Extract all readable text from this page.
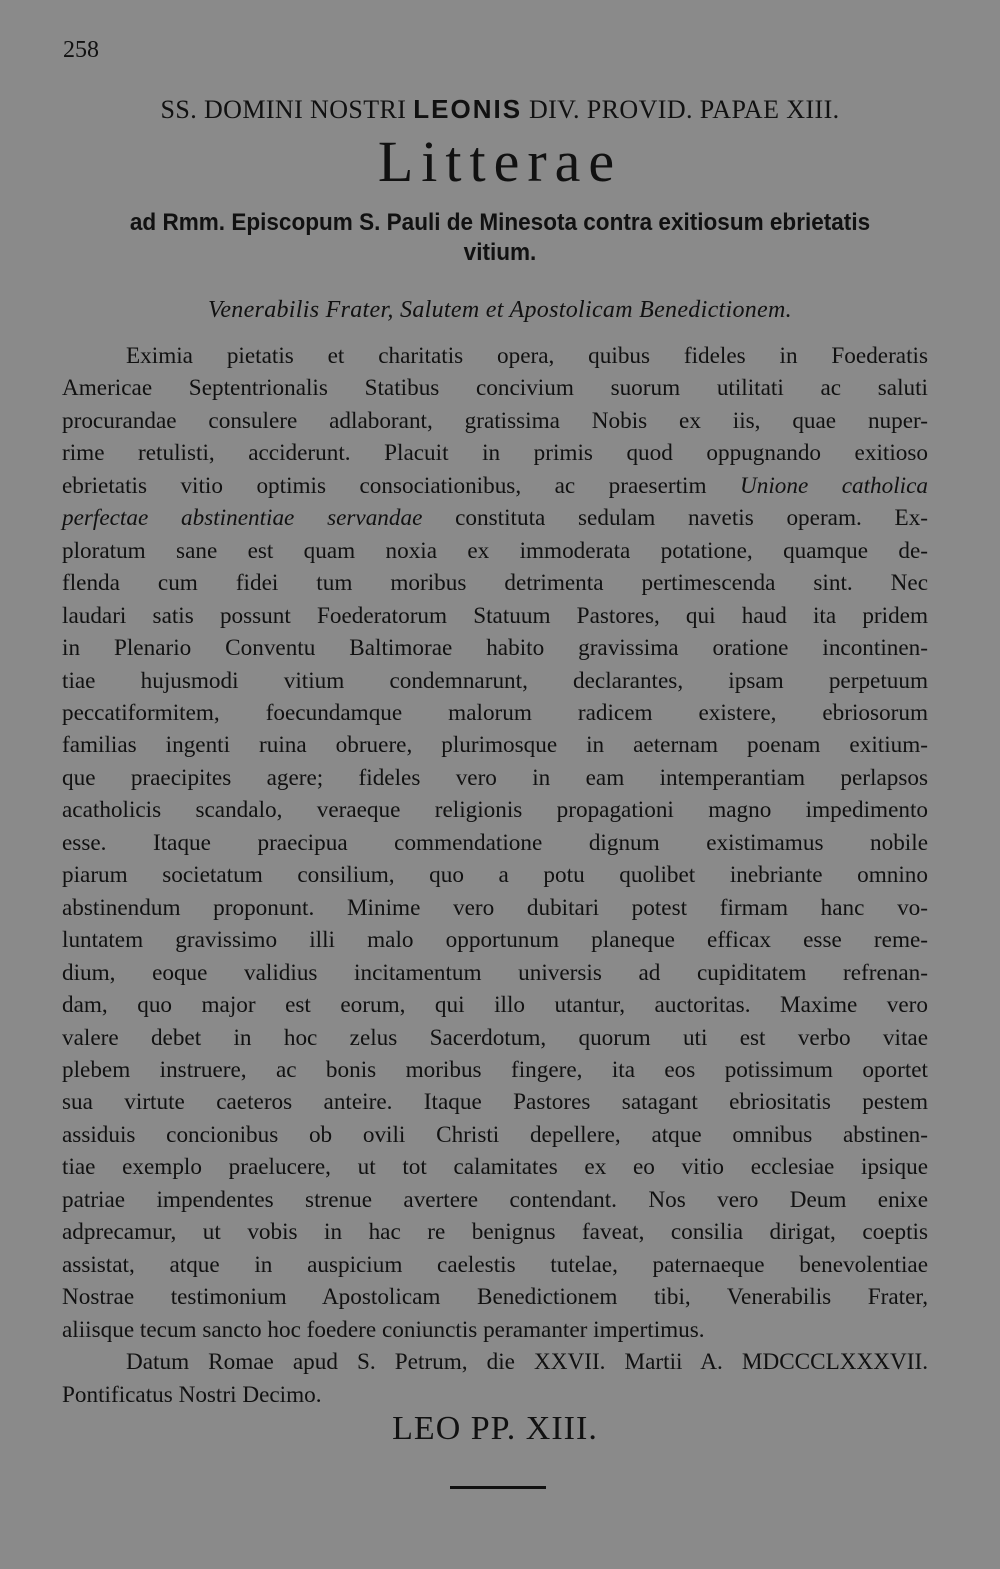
258
SS. DOMINI NOSTRI LEONIS DIV. PROVID. PAPAE XIII.
Litterae
ad Rmm. Episcopum S. Pauli de Minesota contra exitiosum ebrietatis
vitium.
Venerabilis Frater, Salutem et Apostolicam Benedictionem.
Eximia pietatis et charitatis opera, quibus fideles in Foederatis
Americae Septentrionalis Statibus concivium suorum utilitati ac saluti
procurandae consulere adlaborant, gratissima Nobis ex iis, quae nuper-
rime retulisti, acciderunt. Placuit in primis quod oppugnando exitioso
ebrietatis vitio optimis consociationibus, ac praesertim Unione catholica
perfectae abstinentiae servandae constituta sedulam navetis operam. Ex-
ploratum sane est quam noxia ex immoderata potatione, quamque de-
flenda cum fidei tum moribus detrimenta pertimescenda sint. Nec
laudari satis possunt Foederatorum Statuum Pastores, qui haud ita pridem
in Plenario Conventu Baltimorae habito gravissima oratione incontinen-
tiae hujusmodi vitium condemnarunt, declarantes, ipsam perpetuum
peccatiformitem, foecundamque malorum radicem existere, ebriosorum
familias ingenti ruina obruere, plurimosque in aeternam poenam exitium-
que praecipites agere; fideles vero in eam intemperantiam perlapsos
acatholicis scandalo, veraeque religionis propagationi magno impedimento
esse. Itaque praecipua commendatione dignum existimamus nobile
piarum societatum consilium, quo a potu quolibet inebriante omnino
abstinendum proponunt. Minime vero dubitari potest firmam hanc vo-
luntatem gravissimo illi malo opportunum planeque efficax esse reme-
dium, eoque validius incitamentum universis ad cupiditatem refrenan-
dam, quo major est eorum, qui illo utantur, auctoritas. Maxime vero
valere debet in hoc zelus Sacerdotum, quorum uti est verbo vitae
plebem instruere, ac bonis moribus fingere, ita eos potissimum oportet
sua virtute caeteros anteire. Itaque Pastores satagant ebriositatis pestem
assiduis concionibus ob ovili Christi depellere, atque omnibus abstinen-
tiae exemplo praelucere, ut tot calamitates ex eo vitio ecclesiae ipsique
patriae impendentes strenue avertere contendant. Nos vero Deum enixe
adprecamur, ut vobis in hac re benignus faveat, consilia dirigat, coeptis
assistat, atque in auspicium caelestis tutelae, paternaeque benevolentiae
Nostrae testimonium Apostolicam Benedictionem tibi, Venerabilis Frater,
aliisque tecum sancto hoc foedere coniunctis peramanter impertimus.
Datum Romae apud S. Petrum, die XXVII. Martii A. MDCCCLXXXVII.
Pontificatus Nostri Decimo.
LEO PP. XIII.
